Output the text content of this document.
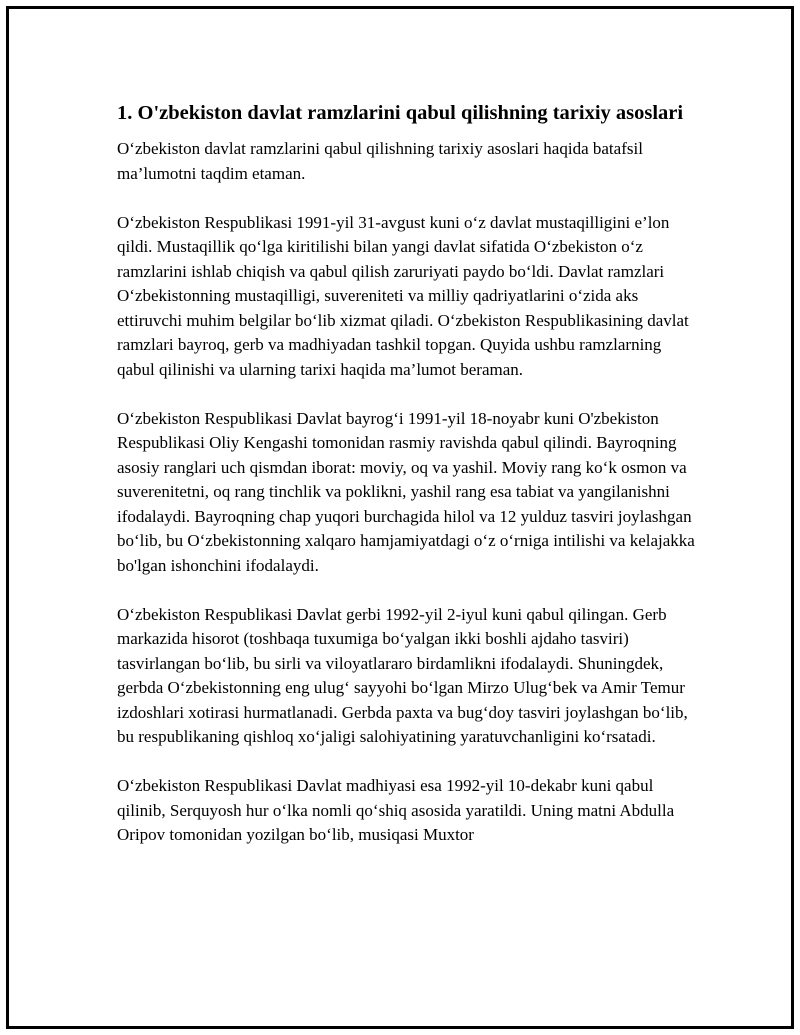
1. O'zbekiston davlat ramzlarini qabul qilishning tarixiy asoslari

O‘zbekiston davlat ramzlarini qabul qilishning tarixiy asoslari haqida batafsil ma’lumotni taqdim etaman.

O‘zbekiston Respublikasi 1991-yil 31-avgust kuni o‘z davlat mustaqilligini e’lon qildi. Mustaqillik qo‘lga kiritilishi bilan yangi davlat sifatida O‘zbekiston o‘z ramzlarini ishlab chiqish va qabul qilish zaruriyati paydo bo‘ldi. Davlat ramzlari O‘zbekistonning mustaqilligi, suvereniteti va milliy qadriyatlarini o‘zida aks ettiruvchi muhim belgilar bo‘lib xizmat qiladi. O‘zbekiston Respublikasining davlat ramzlari bayroq, gerb va madhiyadan tashkil topgan. Quyida ushbu ramzlarning qabul qilinishi va ularning tarixi haqida ma’lumot beraman.

O‘zbekiston Respublikasi Davlat bayrog‘i 1991-yil 18-noyabr kuni O'zbekiston Respublikasi Oliy Kengashi tomonidan rasmiy ravishda qabul qilindi. Bayroqning asosiy ranglari uch qismdan iborat: moviy, oq va yashil. Moviy rang ko‘k osmon va suverenitetni, oq rang tinchlik va poklikni, yashil rang esa tabiat va yangilanishni ifodalaydi. Bayroqning chap yuqori burchagida hilol va 12 yulduz tasviri joylashgan bo‘lib, bu O‘zbekistonning xalqaro hamjamiyatdagi o‘z o‘rniga intilishi va kelajakka bo'lgan ishonchini ifodalaydi.

O‘zbekiston Respublikasi Davlat gerbi 1992-yil 2-iyul kuni qabul qilingan. Gerb markazida hisorot (toshbaqa tuxumiga bo‘yalgan ikki boshli ajdaho tasviri) tasvirlangan bo‘lib, bu sirli va viloyatlararo birdamlikni ifodalaydi. Shuningdek, gerbda O‘zbekistonning eng ulug‘ sayyohi bo‘lgan Mirzo Ulug‘bek va Amir Temur izdoshlari xotirasi hurmatlanadi. Gerbda paxta va bug‘doy tasviri joylashgan bo‘lib, bu respublikaning qishloq xo‘jaligi salohiyatining yaratuvchanligini ko‘rsatadi.

O‘zbekiston Respublikasi Davlat madhiyasi esa 1992-yil 10-dekabr kuni qabul qilinib, Serquyosh hur o‘lka nomli qo‘shiq asosida yaratildi. Uning matni Abdulla Oripov tomonidan yozilgan bo‘lib, musiqasi Muxtor
